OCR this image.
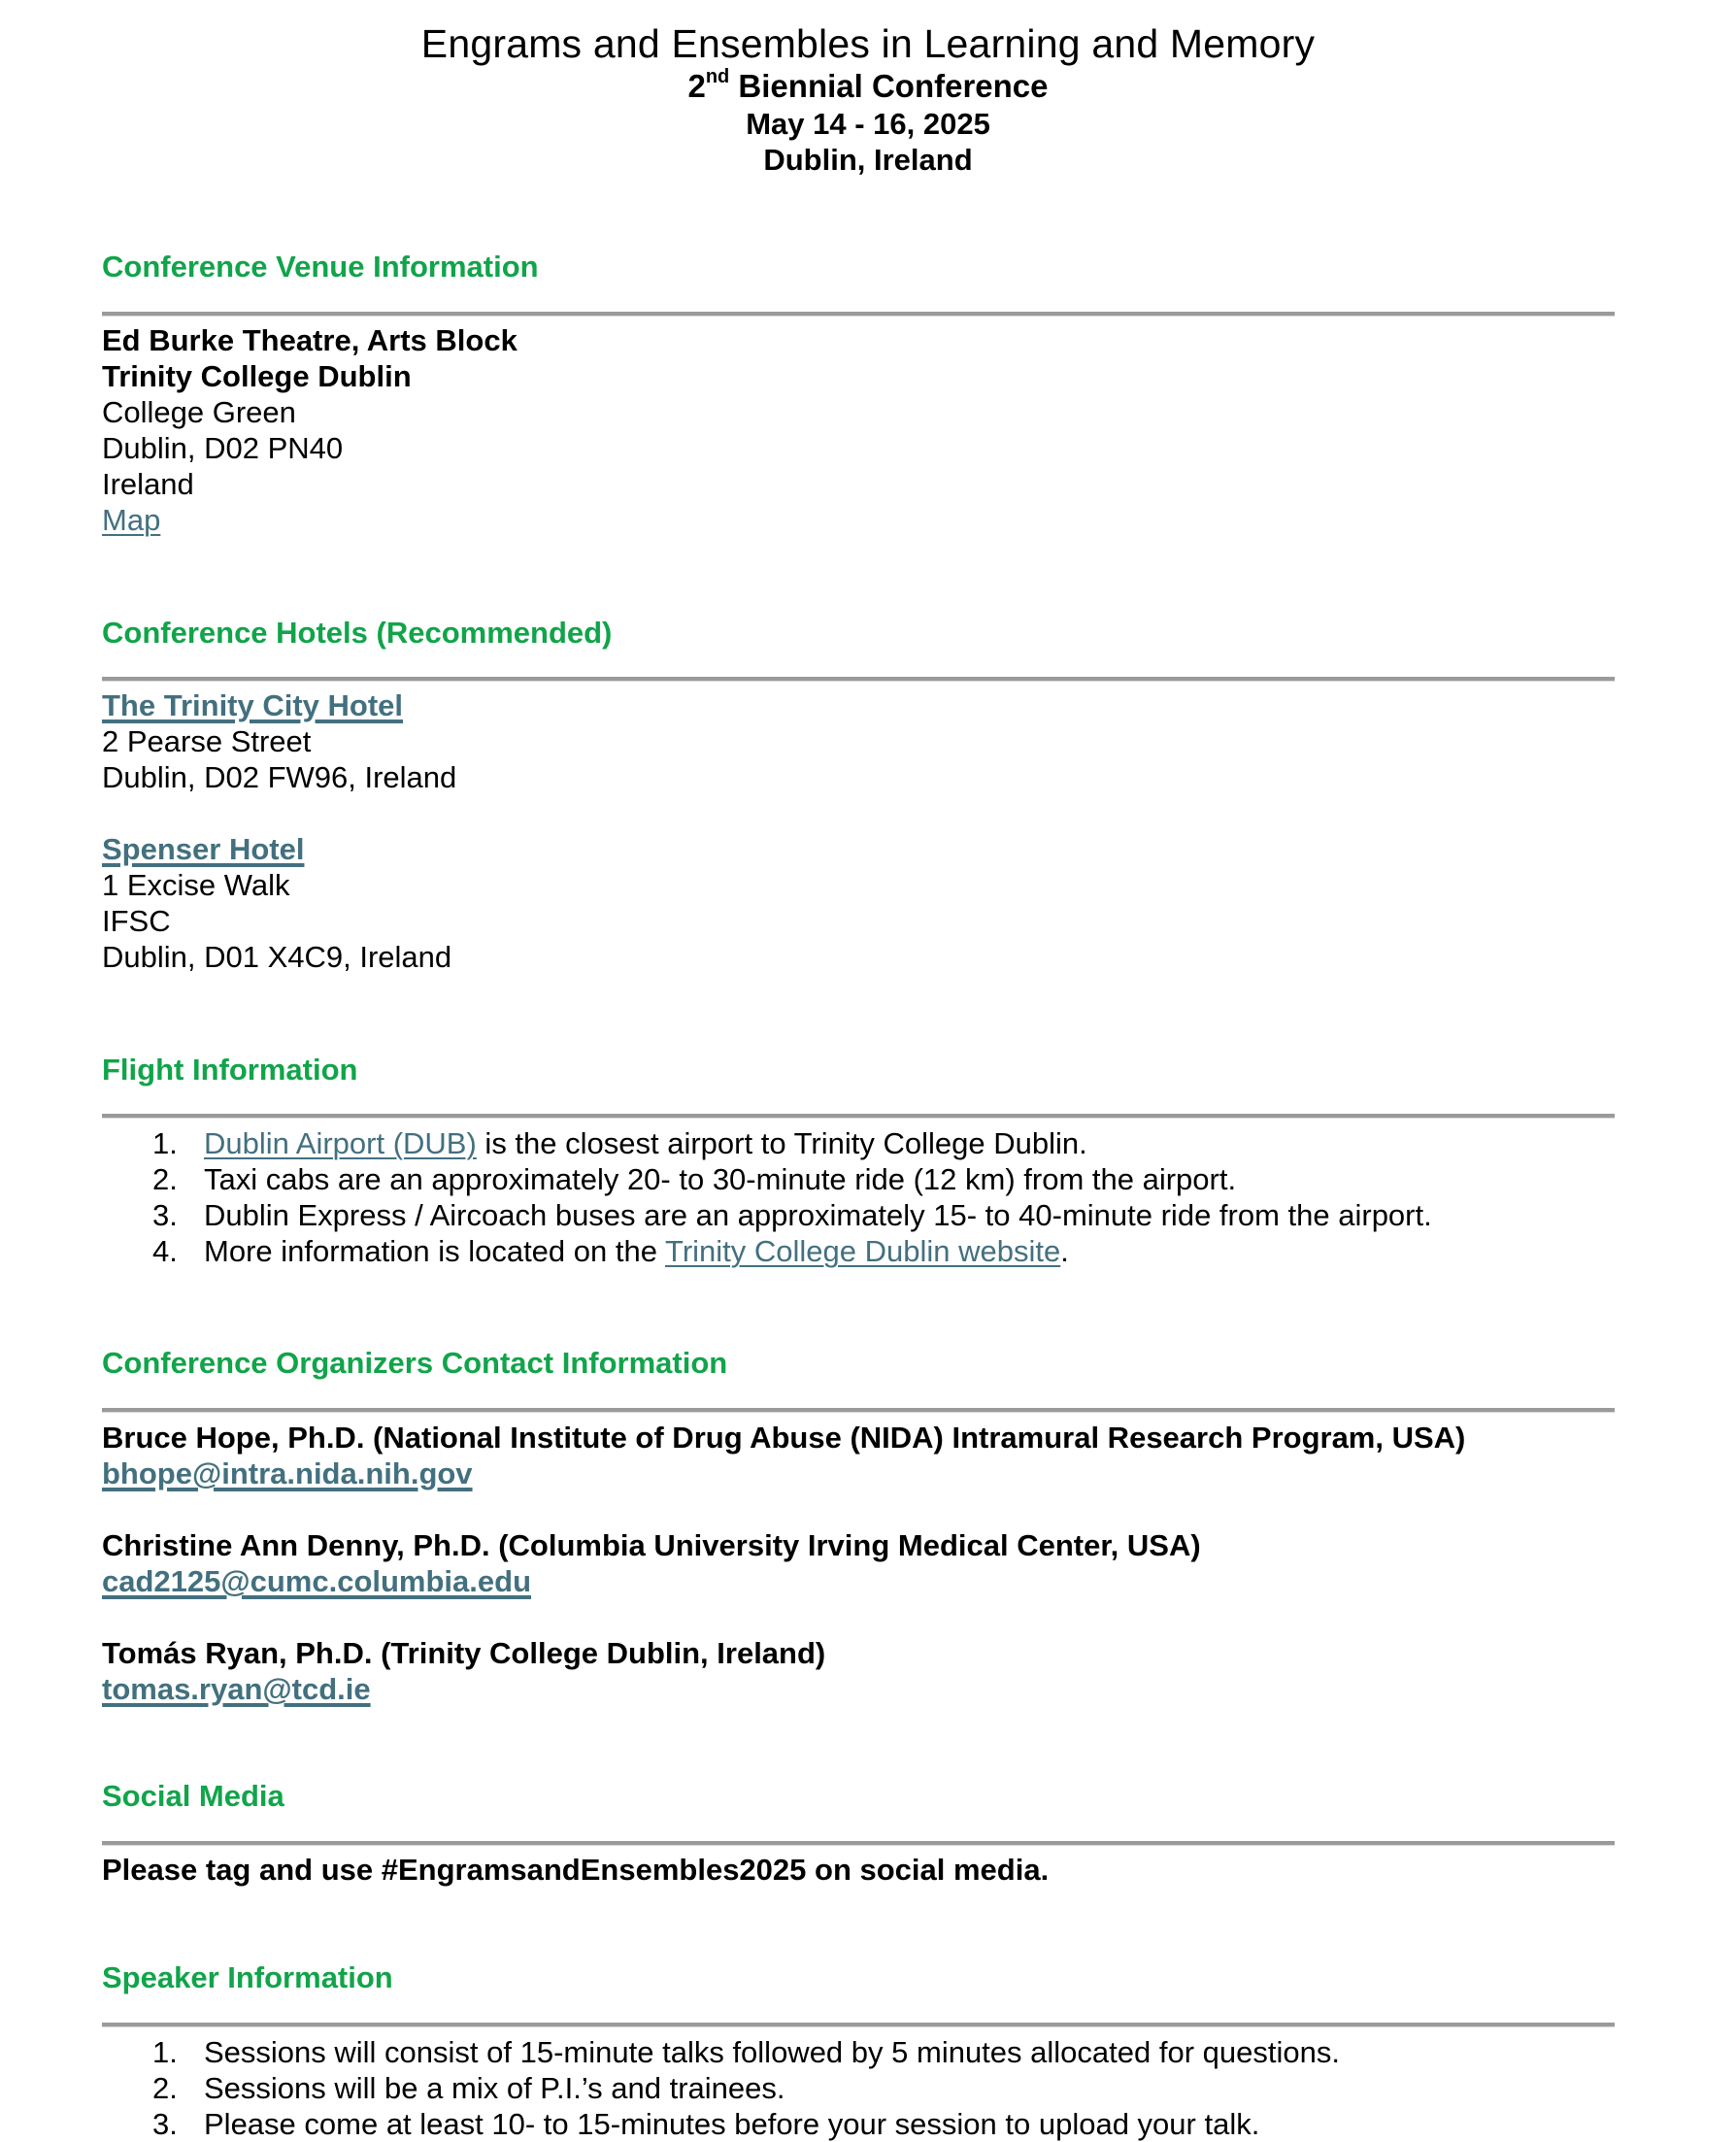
Engrams and Ensembles in Learning and Memory
2nd Biennial Conference
May 14 - 16, 2025
Dublin, Ireland
Conference Venue Information
Ed Burke Theatre, Arts Block
Trinity College Dublin
College Green
Dublin, D02 PN40
Ireland
Map
Conference Hotels (Recommended)
The Trinity City Hotel
2 Pearse Street
Dublin, D02 FW96, Ireland
Spenser Hotel
1 Excise Walk
IFSC
Dublin, D01 X4C9, Ireland
Flight Information
1. Dublin Airport (DUB) is the closest airport to Trinity College Dublin.
2. Taxi cabs are an approximately 20- to 30-minute ride (12 km) from the airport.
3. Dublin Express / Aircoach buses are an approximately 15- to 40-minute ride from the airport.
4. More information is located on the Trinity College Dublin website.
Conference Organizers Contact Information
Bruce Hope, Ph.D. (National Institute of Drug Abuse (NIDA) Intramural Research Program, USA)
bhope@intra.nida.nih.gov
Christine Ann Denny, Ph.D. (Columbia University Irving Medical Center, USA)
cad2125@cumc.columbia.edu
Tomás Ryan, Ph.D. (Trinity College Dublin, Ireland)
tomas.ryan@tcd.ie
Social Media
Please tag and use #EngramsandEnsembles2025 on social media.
Speaker Information
1. Sessions will consist of 15-minute talks followed by 5 minutes allocated for questions.
2. Sessions will be a mix of P.I.’s and trainees.
3. Please come at least 10- to 15-minutes before your session to upload your talk.
